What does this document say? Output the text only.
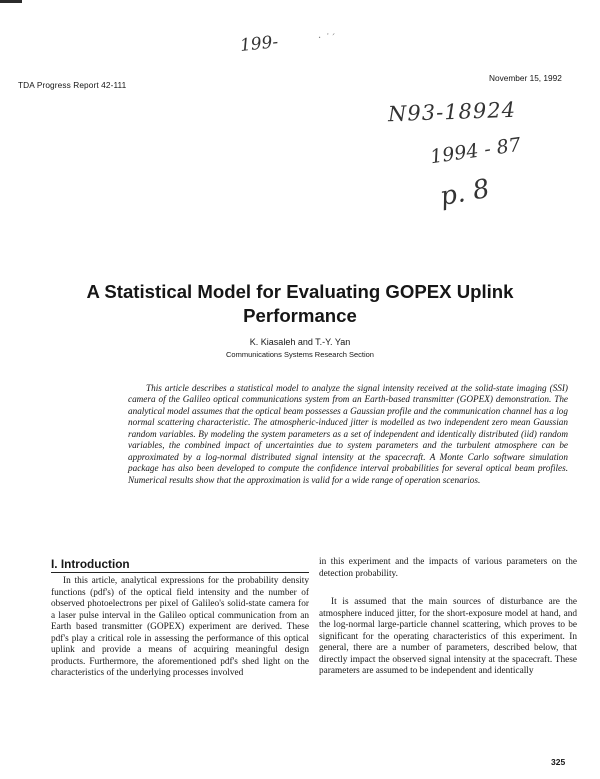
199-	· ˙ ′
N93-18924
1994 - 87
p. 8
TDA Progress Report 42-111
November 15, 1992
A Statistical Model for Evaluating GOPEX Uplink
Performance
K. Kiasaleh and T.-Y. Yan
Communications Systems Research Section

This article describes a statistical model to analyze the signal intensity received at the solid-state imaging (SSI) camera of the Galileo optical communications system from an Earth-based transmitter (GOPEX) demonstration. The analytical model assumes that the optical beam possesses a Gaussian profile and the communication channel has a log normal scattering characteristic. The atmospheric-induced jitter is modelled as two independent zero mean Gaussian random variables. By modeling the system parameters as a set of independent and identically distributed (iid) random variables, the combined impact of uncertainties due to system parameters and the turbulent atmosphere can be approximated by a log-normal distributed signal intensity at the spacecraft. A Monte Carlo software simulation package has also been developed to compute the confidence interval probabilities for several optical beam profiles. Numerical results show that the approximation is valid for a wide range of operation scenarios.

I. Introduction

In this article, analytical expressions for the probability density functions (pdf's) of the optical field intensity and the number of observed photoelectrons per pixel of Galileo's solid-state camera for a laser pulse interval in the Galileo optical communication from an Earth based transmitter (GOPEX) experiment are derived. These pdf's play a critical role in assessing the performance of this optical uplink and provide a means of acquiring meaningful design products. Furthermore, the aforementioned pdf's shed light on the characteristics of the underlying processes involved

in this experiment and the impacts of various parameters on the detection probability.

It is assumed that the main sources of disturbance are the atmosphere induced jitter, for the short-exposure model at hand, and the log-normal large-particle channel scattering, which proves to be significant for the operating characteristics of this experiment. In general, there are a number of parameters, described below, that directly impact the observed signal intensity at the spacecraft. These parameters are assumed to be independent and identically

325
